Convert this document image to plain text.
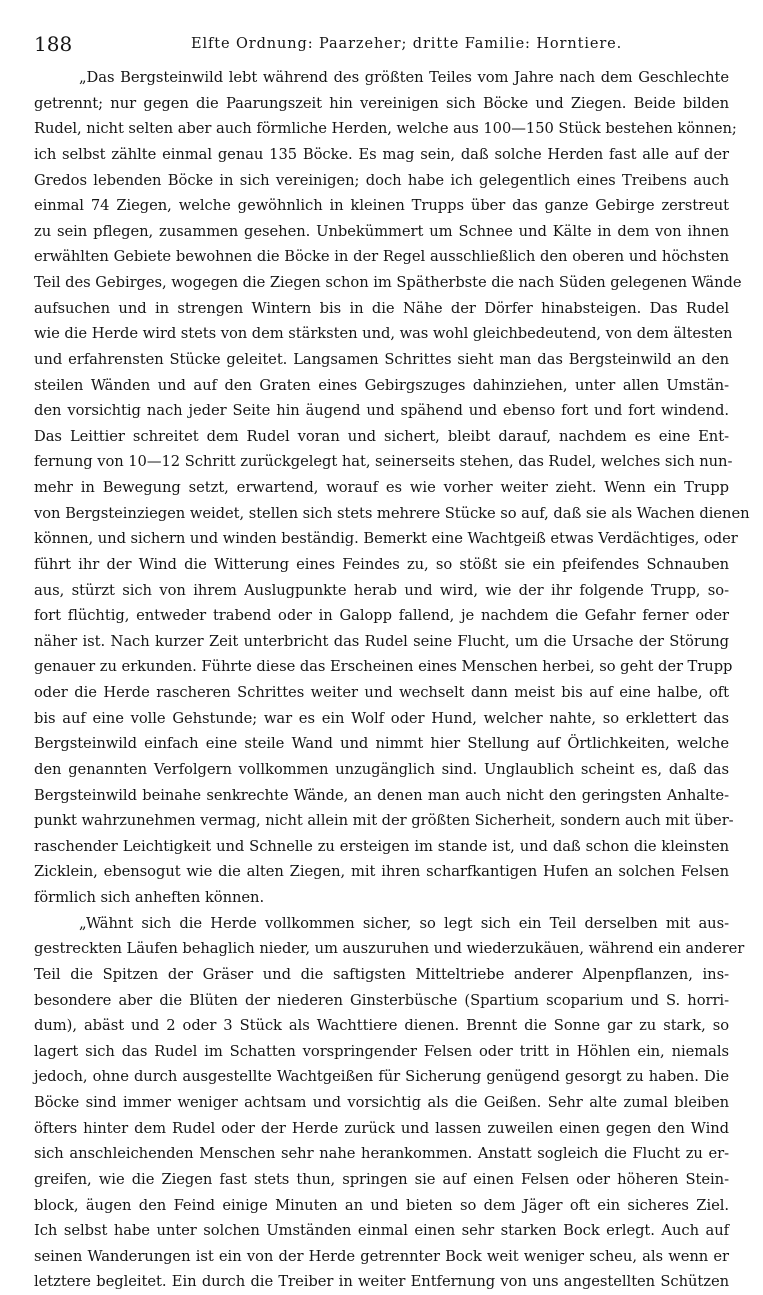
188	Elfte Ordnung: Paarzeher; dritte Familie: Horntiere.
„Das Bergsteinwild lebt während des größten Teiles vom Jahre nach dem Geschlechte
getrennt; nur gegen die Paarungszeit hin vereinigen sich Böcke und Ziegen. Beide bilden
Rudel, nicht selten aber auch förmliche Herden, welche aus 100—150 Stück bestehen können;
ich selbst zählte einmal genau 135 Böcke. Es mag sein, daß solche Herden fast alle auf der
Gredos lebenden Böcke in sich vereinigen; doch habe ich gelegentlich eines Treibens auch
einmal 74 Ziegen, welche gewöhnlich in kleinen Trupps über das ganze Gebirge zerstreut
zu sein pflegen, zusammen gesehen. Unbekümmert um Schnee und Kälte in dem von ihnen
erwählten Gebiete bewohnen die Böcke in der Regel ausschließlich den oberen und höchsten
Teil des Gebirges, wogegen die Ziegen schon im Spätherbste die nach Süden gelegenen Wände
aufsuchen und in strengen Wintern bis in die Nähe der Dörfer hinabsteigen. Das Rudel
wie die Herde wird stets von dem stärksten und, was wohl gleichbedeutend, von dem ältesten
und erfahrensten Stücke geleitet. Langsamen Schrittes sieht man das Bergsteinwild an den
steilen Wänden und auf den Graten eines Gebirgszuges dahinziehen, unter allen Umstän-
den vorsichtig nach jeder Seite hin äugend und spähend und ebenso fort und fort windend.
Das Leittier schreitet dem Rudel voran und sichert, bleibt darauf, nachdem es eine Ent-
fernung von 10—12 Schritt zurückgelegt hat, seinerseits stehen, das Rudel, welches sich nun-
mehr in Bewegung setzt, erwartend, worauf es wie vorher weiter zieht. Wenn ein Trupp
von Bergsteinziegen weidet, stellen sich stets mehrere Stücke so auf, daß sie als Wachen dienen
können, und sichern und winden beständig. Bemerkt eine Wachtgeiß etwas Verdächtiges, oder
führt ihr der Wind die Witterung eines Feindes zu, so stößt sie ein pfeifendes Schnauben
aus, stürzt sich von ihrem Auslugpunkte herab und wird, wie der ihr folgende Trupp, so-
fort flüchtig, entweder trabend oder in Galopp fallend, je nachdem die Gefahr ferner oder
näher ist. Nach kurzer Zeit unterbricht das Rudel seine Flucht, um die Ursache der Störung
genauer zu erkunden. Führte diese das Erscheinen eines Menschen herbei, so geht der Trupp
oder die Herde rascheren Schrittes weiter und wechselt dann meist bis auf eine halbe, oft
bis auf eine volle Gehstunde; war es ein Wolf oder Hund, welcher nahte, so erklettert das
Bergsteinwild einfach eine steile Wand und nimmt hier Stellung auf Örtlichkeiten, welche
den genannten Verfolgern vollkommen unzugänglich sind. Unglaublich scheint es, daß das
Bergsteinwild beinahe senkrechte Wände, an denen man auch nicht den geringsten Anhalte-
punkt wahrzunehmen vermag, nicht allein mit der größten Sicherheit, sondern auch mit über-
raschender Leichtigkeit und Schnelle zu ersteigen im stande ist, und daß schon die kleinsten
Zicklein, ebensogut wie die alten Ziegen, mit ihren scharfkantigen Hufen an solchen Felsen
förmlich sich anheften können.
„Wähnt sich die Herde vollkommen sicher, so legt sich ein Teil derselben mit aus-
gestreckten Läufen behaglich nieder, um auszuruhen und wiederzukäuen, während ein anderer
Teil die Spitzen der Gräser und die saftigsten Mitteltriebe anderer Alpenpflanzen, ins-
besondere aber die Blüten der niederen Ginsterbüsche (Spartium scoparium und S. horri-
dum), abäst und 2 oder 3 Stück als Wachttiere dienen. Brennt die Sonne gar zu stark, so
lagert sich das Rudel im Schatten vorspringender Felsen oder tritt in Höhlen ein, niemals
jedoch, ohne durch ausgestellte Wachtgeißen für Sicherung genügend gesorgt zu haben. Die
Böcke sind immer weniger achtsam und vorsichtig als die Geißen. Sehr alte zumal bleiben
öfters hinter dem Rudel oder der Herde zurück und lassen zuweilen einen gegen den Wind
sich anschleichenden Menschen sehr nahe herankommen. Anstatt sogleich die Flucht zu er-
greifen, wie die Ziegen fast stets thun, springen sie auf einen Felsen oder höheren Stein-
block, äugen den Feind einige Minuten an und bieten so dem Jäger oft ein sicheres Ziel.
Ich selbst habe unter solchen Umständen einmal einen sehr starken Bock erlegt. Auch auf
seinen Wanderungen ist ein von der Herde getrennter Bock weit weniger scheu, als wenn er
letztere begleitet. Ein durch die Treiber in weiter Entfernung von uns angestellten Schützen
